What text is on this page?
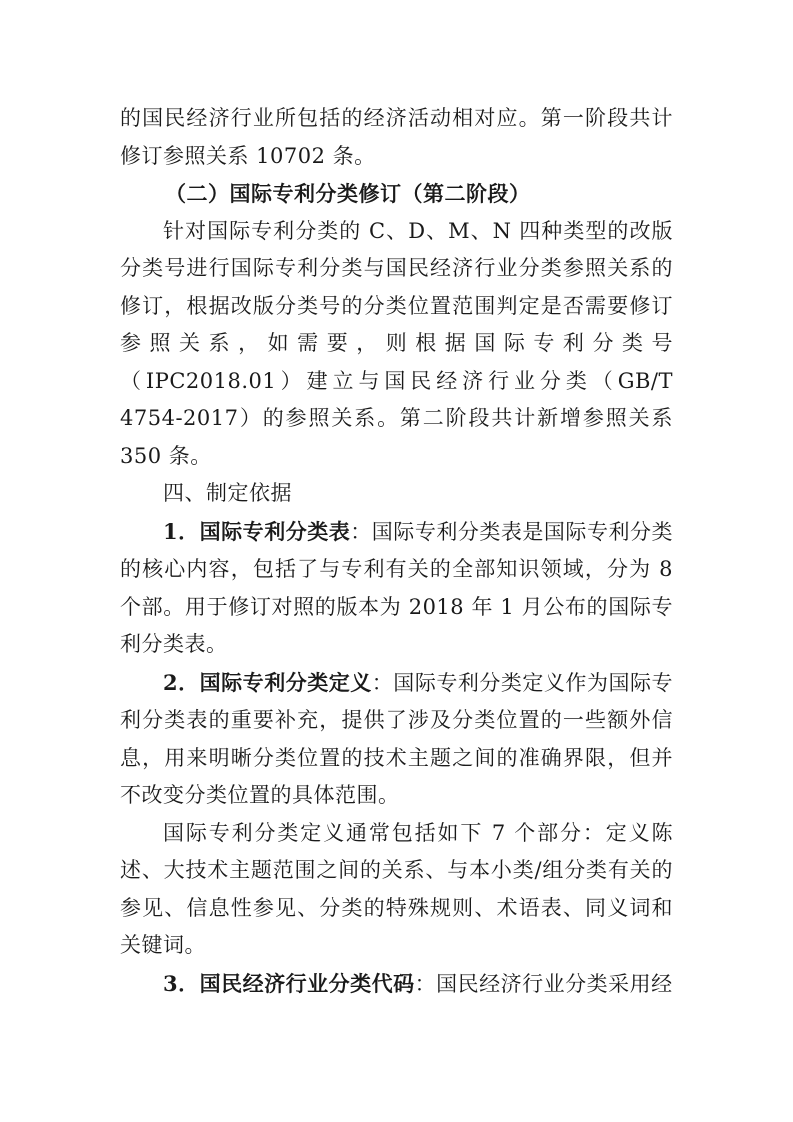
的国民经济行业所包括的经济活动相对应。第一阶段共计修订参照关系 10702 条。

（二）国际专利分类修订（第二阶段）

针对国际专利分类的 C、D、M、N 四种类型的改版分类号进行国际专利分类与国民经济行业分类参照关系的修订，根据改版分类号的分类位置范围判定是否需要修订参照关系，如需要，则根据国际专利分类号（IPC2018.01）建立与国民经济行业分类（GB/T 4754-2017）的参照关系。第二阶段共计新增参照关系 350 条。

四、制定依据

1．国际专利分类表：国际专利分类表是国际专利分类的核心内容，包括了与专利有关的全部知识领域，分为 8 个部。用于修订对照的版本为 2018 年 1 月公布的国际专利分类表。

2．国际专利分类定义：国际专利分类定义作为国际专利分类表的重要补充，提供了涉及分类位置的一些额外信息，用来明晰分类位置的技术主题之间的准确界限，但并不改变分类位置的具体范围。

国际专利分类定义通常包括如下 7 个部分：定义陈述、大技术主题范围之间的关系、与本小类/组分类有关的参见、信息性参见、分类的特殊规则、术语表、同义词和关键词。

3．国民经济行业分类代码：国民经济行业分类采用经
